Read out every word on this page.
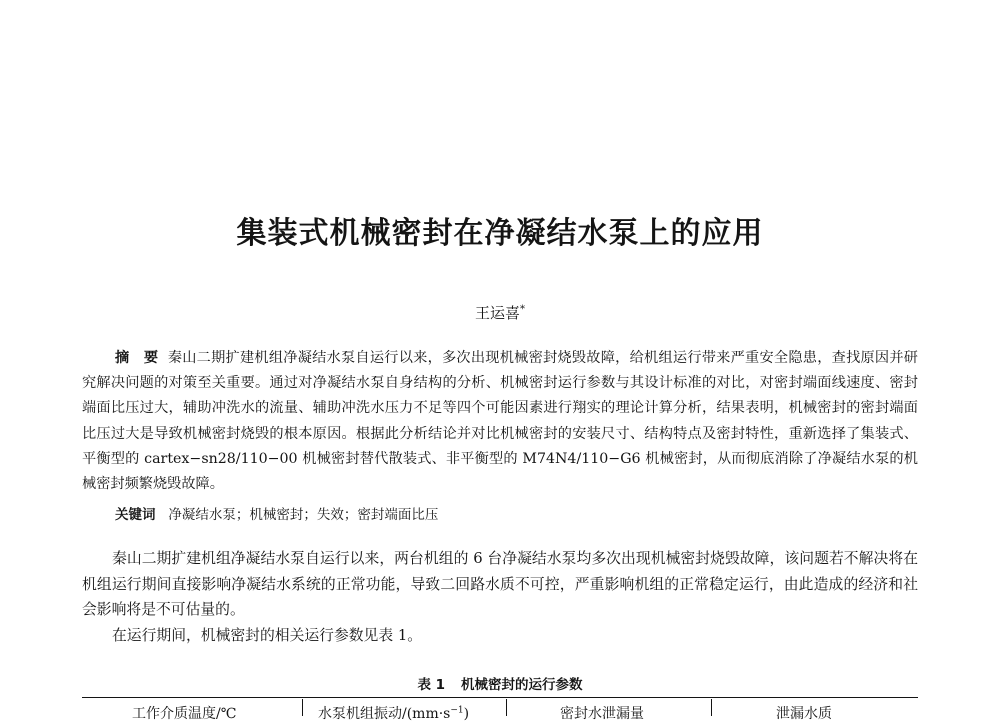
集装式机械密封在净凝结水泵上的应用
王运喜*
摘　要 秦山二期扩建机组净凝结水泵自运行以来，多次出现机械密封烧毁故障，给机组运行带来严重安全隐患，查找原因并研究解决问题的对策至关重要。通过对净凝结水泵自身结构的分析、机械密封运行参数与其设计标准的对比，对密封端面线速度、密封端面比压过大，辅助冲洗水的流量、辅助冲洗水压力不足等四个可能因素进行翔实的理论计算分析，结果表明，机械密封的密封端面比压过大是导致机械密封烧毁的根本原因。根据此分析结论并对比机械密封的安装尺寸、结构特点及密封特性，重新选择了集装式、平衡型的 cartex−sn28/110−00 机械密封替代散装式、非平衡型的 M74N4/110−G6 机械密封，从而彻底消除了净凝结水泵的机械密封频繁烧毁故障。
关键词 净凝结水泵；机械密封；失效；密封端面比压
秦山二期扩建机组净凝结水泵自运行以来，两台机组的 6 台净凝结水泵均多次出现机械密封烧毁故障，该问题若不解决将在机组运行期间直接影响净凝结水系统的正常功能，导致二回路水质不可控，严重影响机组的正常稳定运行，由此造成的经济和社会影响将是不可估量的。
在运行期间，机械密封的相关运行参数见表 1。
表 1 机械密封的运行参数
工作介质温度/℃	水泵机组振动$/(mm\cdot s^{-1})$	密封水泄漏量	泄漏水质
